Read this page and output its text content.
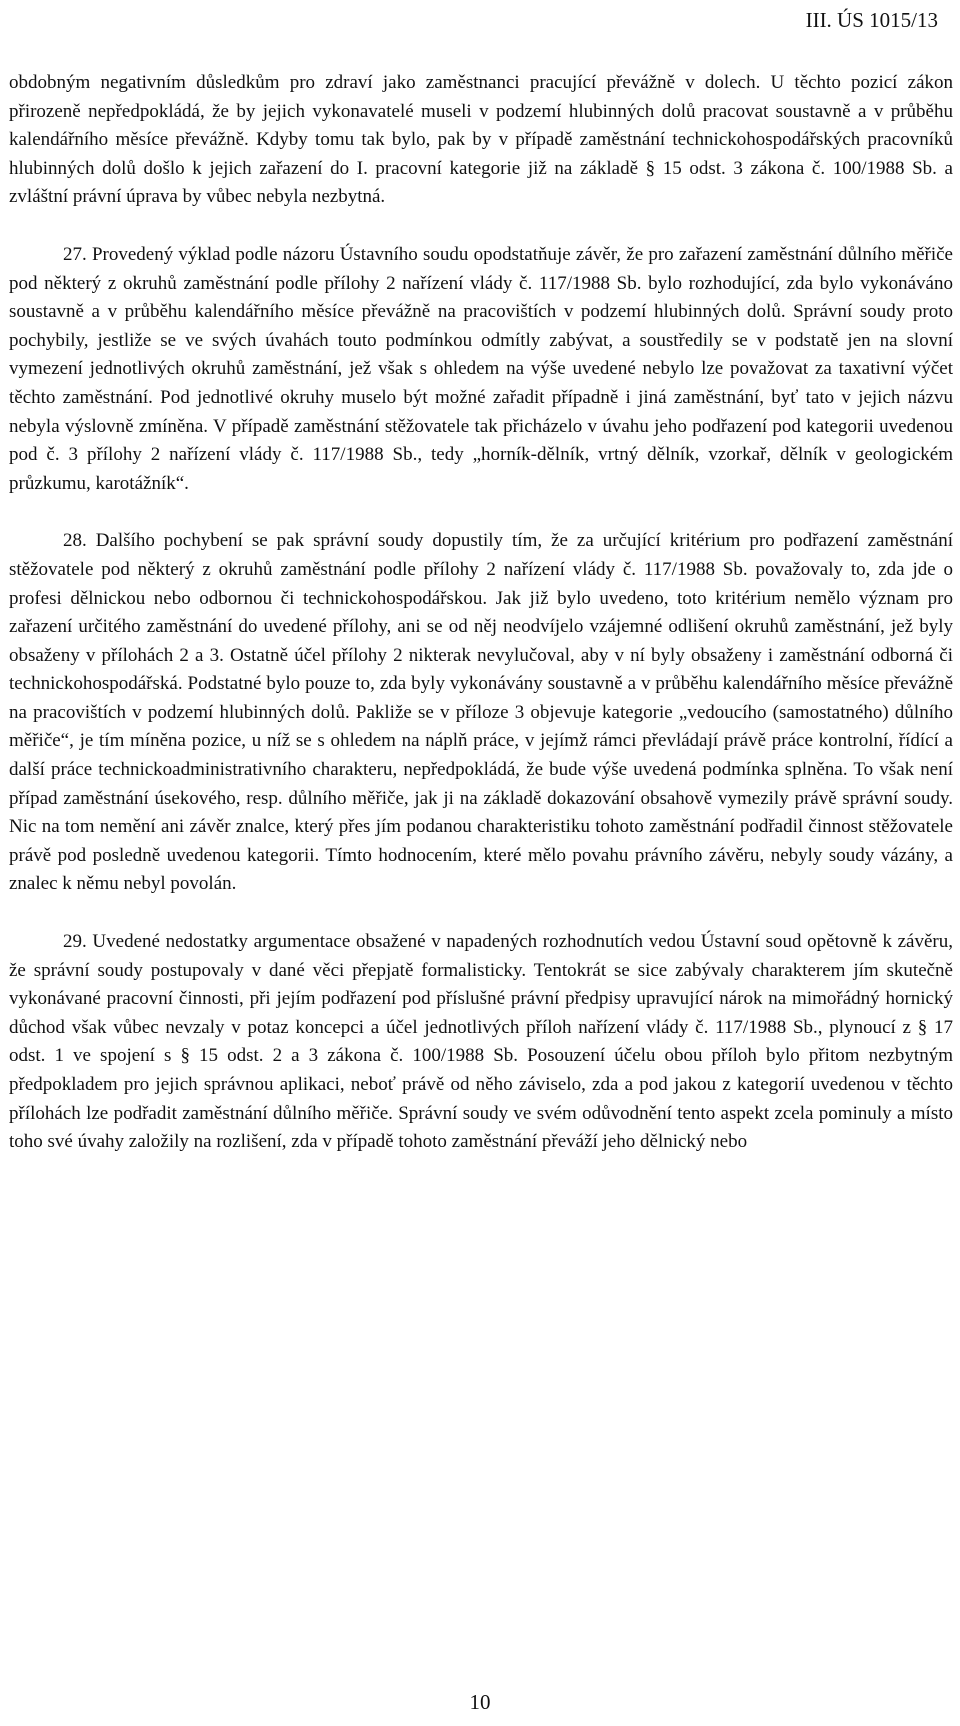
III. ÚS 1015/13

obdobným negativním důsledkům pro zdraví jako zaměstnanci pracující převážně v dolech. U těchto pozicí zákon přirozeně nepředpokládá, že by jejich vykonavatelé museli v podzemí hlubinných dolů pracovat soustavně a v průběhu kalendářního měsíce převážně. Kdyby tomu tak bylo, pak by v případě zaměstnání technickohospodářských pracovníků hlubinných dolů došlo k jejich zařazení do I. pracovní kategorie již na základě § 15 odst. 3 zákona č. 100/1988 Sb. a zvláštní právní úprava by vůbec nebyla nezbytná.

27. Provedený výklad podle názoru Ústavního soudu opodstatňuje závěr, že pro zařazení zaměstnání důlního měřiče pod některý z okruhů zaměstnání podle přílohy 2 nařízení vlády č. 117/1988 Sb. bylo rozhodující, zda bylo vykonáváno soustavně a v průběhu kalendářního měsíce převážně na pracovištích v podzemí hlubinných dolů. Správní soudy proto pochybily, jestliže se ve svých úvahách touto podmínkou odmítly zabývat, a soustředily se v podstatě jen na slovní vymezení jednotlivých okruhů zaměstnání, jež však s ohledem na výše uvedené nebylo lze považovat za taxativní výčet těchto zaměstnání. Pod jednotlivé okruhy muselo být možné zařadit případně i jiná zaměstnání, byť tato v jejich názvu nebyla výslovně zmíněna. V případě zaměstnání stěžovatele tak přicházelo v úvahu jeho podřazení pod kategorii uvedenou pod č. 3 přílohy 2 nařízení vlády č. 117/1988 Sb., tedy „horník-dělník, vrtný dělník, vzorkař, dělník v geologickém průzkumu, karotážník“.

28. Dalšího pochybení se pak správní soudy dopustily tím, že za určující kritérium pro podřazení zaměstnání stěžovatele pod některý z okruhů zaměstnání podle přílohy 2 nařízení vlády č. 117/1988 Sb. považovaly to, zda jde o profesi dělnickou nebo odbornou či technickohospodářskou. Jak již bylo uvedeno, toto kritérium nemělo význam pro zařazení určitého zaměstnání do uvedené přílohy, ani se od něj neodvíjelo vzájemné odlišení okruhů zaměstnání, jež byly obsaženy v přílohách 2 a 3. Ostatně účel přílohy 2 nikterak nevylučoval, aby v ní byly obsaženy i zaměstnání odborná či technickohospodářská. Podstatné bylo pouze to, zda byly vykonávány soustavně a v průběhu kalendářního měsíce převážně na pracovištích v podzemí hlubinných dolů. Pakliže se v příloze 3 objevuje kategorie „vedoucího (samostatného) důlního měřiče“, je tím míněna pozice, u níž se s ohledem na náplň práce, v jejímž rámci převládají právě práce kontrolní, řídící a další práce technickoadministrativního charakteru, nepředpokládá, že bude výše uvedená podmínka splněna. To však není případ zaměstnání úsekového, resp. důlního měřiče, jak ji na základě dokazování obsahově vymezily právě správní soudy. Nic na tom nemění ani závěr znalce, který přes jím podanou charakteristiku tohoto zaměstnání podřadil činnost stěžovatele právě pod posledně uvedenou kategorii. Tímto hodnocením, které mělo povahu právního závěru, nebyly soudy vázány, a znalec k němu nebyl povolán.

29. Uvedené nedostatky argumentace obsažené v napadených rozhodnutích vedou Ústavní soud opětovně k závěru, že správní soudy postupovaly v dané věci přepjatě formalisticky. Tentokrát se sice zabývaly charakterem jím skutečně vykonávané pracovní činnosti, při jejím podřazení pod příslušné právní předpisy upravující nárok na mimořádný hornický důchod však vůbec nevzaly v potaz koncepci a účel jednotlivých příloh nařízení vlády č. 117/1988 Sb., plynoucí z § 17 odst. 1 ve spojení s § 15 odst. 2 a 3 zákona č. 100/1988 Sb. Posouzení účelu obou příloh bylo přitom nezbytným předpokladem pro jejich správnou aplikaci, neboť právě od něho záviselo, zda a pod jakou z kategorií uvedenou v těchto přílohách lze podřadit zaměstnání důlního měřiče. Správní soudy ve svém odůvodnění tento aspekt zcela pominuly a místo toho své úvahy založily na rozlišení, zda v případě tohoto zaměstnání převáží jeho dělnický nebo

10
